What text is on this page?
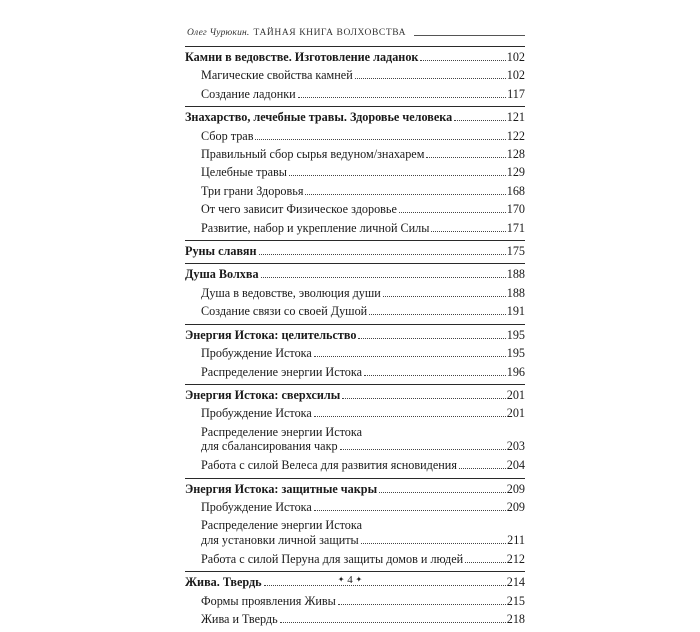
Олег Чурюкин. ТАЙНАЯ КНИГА ВОЛХОВСТВА
Камни в ведовстве. Изготовление ладанок	102
Магические свойства камней	102
Создание ладонки	117
Знахарство, лечебные травы. Здоровье человека	121
Сбор трав	122
Правильный сбор сырья ведуном/знахарем	128
Целебные травы	129
Три грани Здоровья	168
От чего зависит Физическое здоровье	170
Развитие, набор и укрепление личной Силы	171
Руны славян	175
Душа Волхва	188
Душа в ведовстве, эволюция души	188
Создание связи со своей Душой	191
Энергия Истока: целительство	195
Пробуждение Истока	195
Распределение энергии Истока	196
Энергия Истока: сверхсилы	201
Пробуждение Истока	201
Распределение энергии Истока
для сбалансирования чакр	203
Работа с силой Велеса для развития ясновидения	204
Энергия Истока: защитные чакры	209
Пробуждение Истока	209
Распределение энергии Истока
для установки личной защиты	211
Работа с силой Перуна для защиты домов и людей	212
Жива. Твердь	214
Формы проявления Живы	215
Жива и Твердь	218
✦ 4 ✦
